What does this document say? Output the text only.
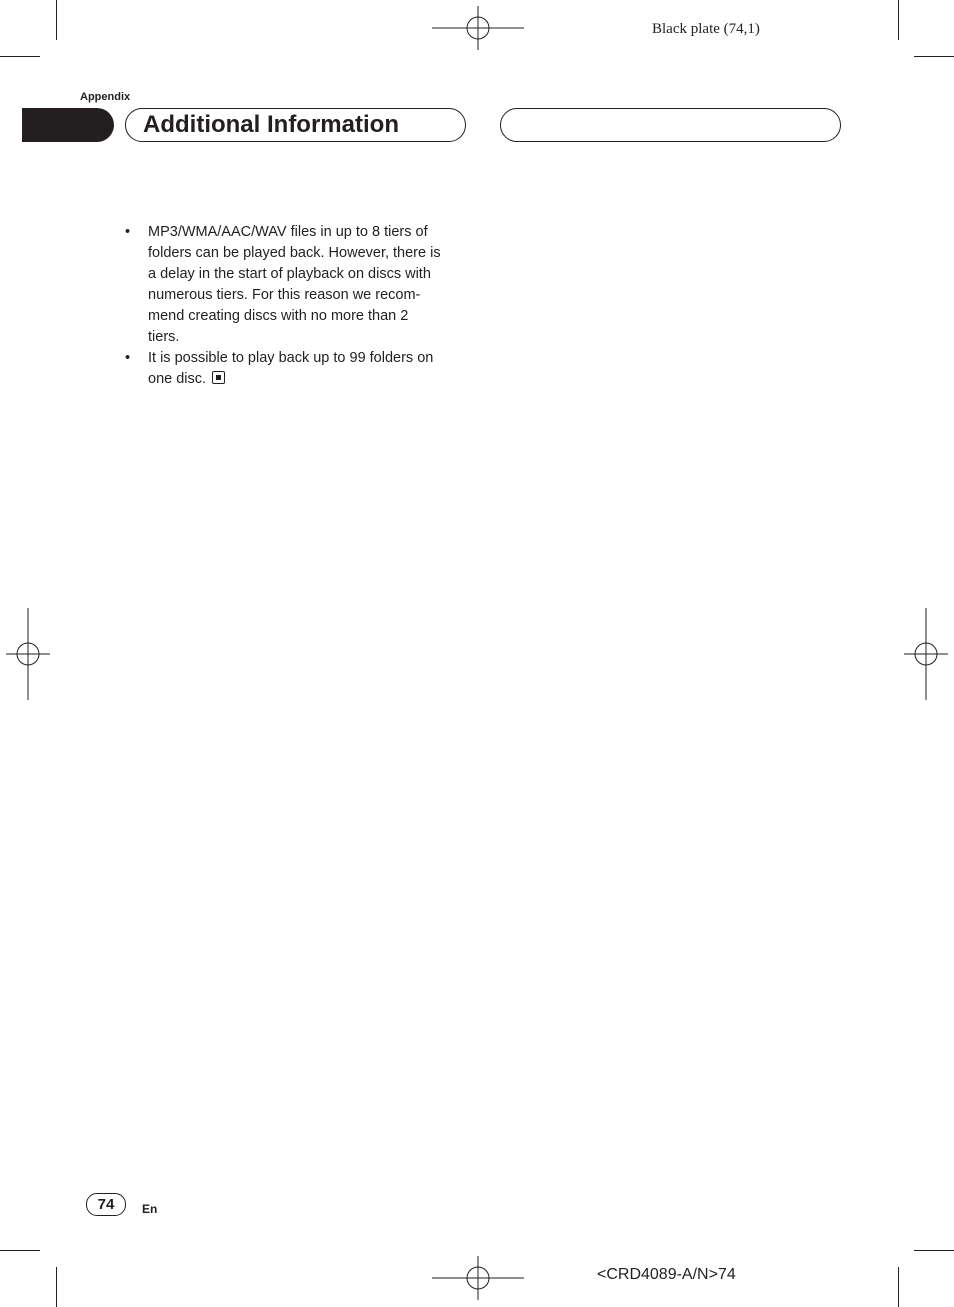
Black plate (74,1)
Appendix
Additional Information
• MP3/WMA/AAC/WAV files in up to 8 tiers of
folders can be played back. However, there is
a delay in the start of playback on discs with
numerous tiers. For this reason we recom-
mend creating discs with no more than 2
tiers.
• It is possible to play back up to 99 folders on
one disc.
74	En
<CRD4089-A/N>74
